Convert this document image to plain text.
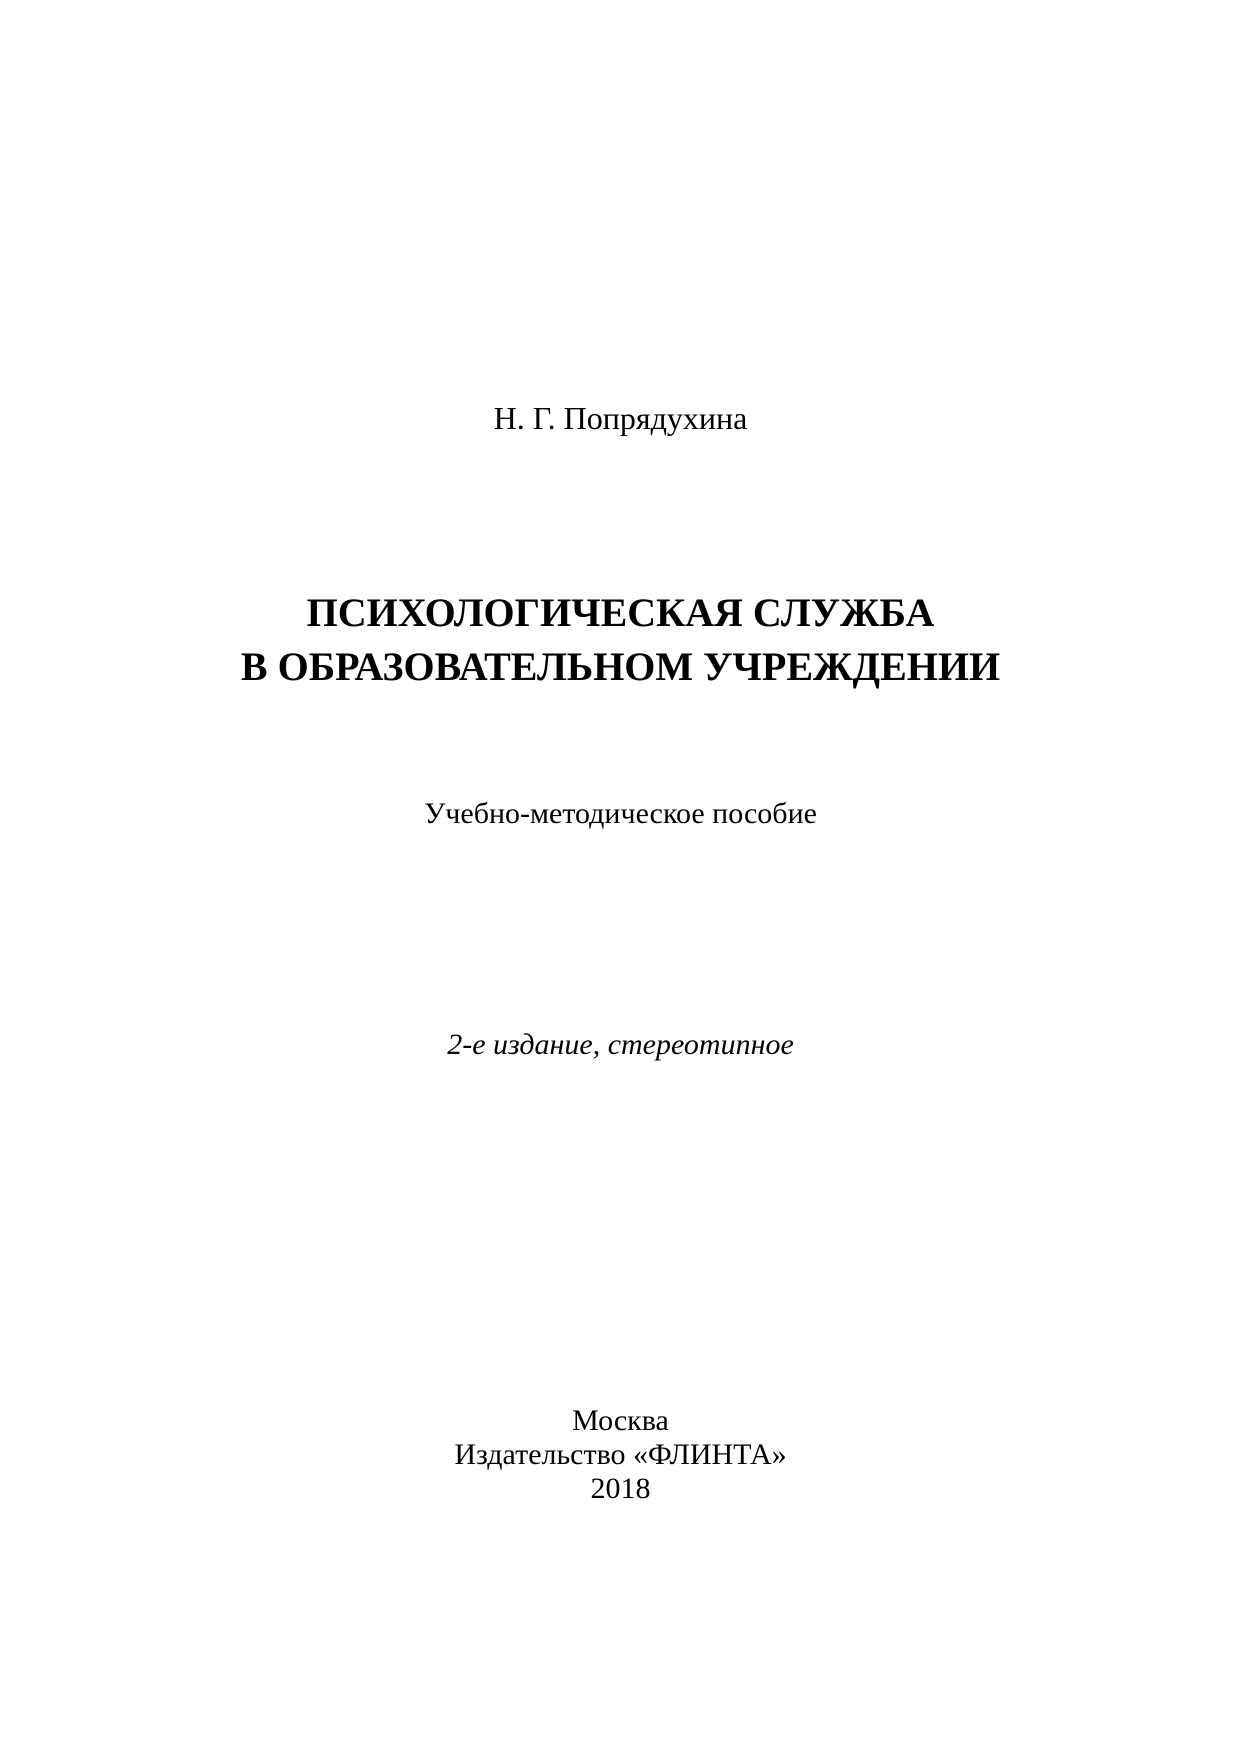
Н. Г. Попрядухина

ПСИХОЛОГИЧЕСКАЯ СЛУЖБА
В ОБРАЗОВАТЕЛЬНОМ УЧРЕЖДЕНИИ

Учебно-методическое пособие

2-е издание, стереотипное

Москва

Издательство «ФЛИНТА»

2018
